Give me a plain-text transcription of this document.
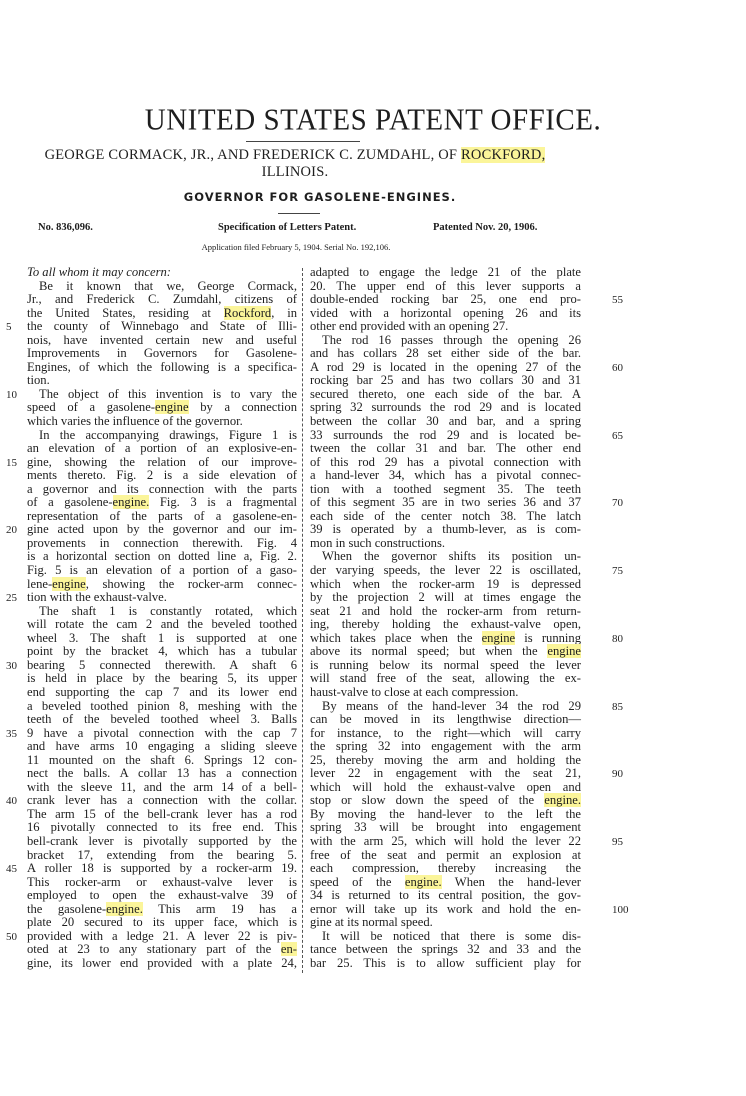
UNITED STATES PATENT OFFICE.
GEORGE CORMACK, JR., AND FREDERICK C. ZUMDAHL, OF ROCKFORD,
ILLINOIS.
GOVERNOR FOR GASOLENE-ENGINES.
No. 836,096.	Specification of Letters Patent.	Patented Nov. 20, 1906.
Application filed February 5, 1904. Serial No. 192,106.
To all whom it may concern:
Be it known that we, George Cormack,
Jr., and Frederick C. Zumdahl, citizens of
the United States, residing at Rockford, in
the county of Winnebago and State of Illi-
nois, have invented certain new and useful
Improvements in Governors for Gasolene-
Engines, of which the following is a specifica-
tion.
The object of this invention is to vary the
speed of a gasolene-engine by a connection
which varies the influence of the governor.
In the accompanying drawings, Figure 1 is
an elevation of a portion of an explosive-en-
gine, showing the relation of our improve-
ments thereto. Fig. 2 is a side elevation of
a governor and its connection with the parts
of a gasolene-engine. Fig. 3 is a fragmental
representation of the parts of a gasolene-en-
gine acted upon by the governor and our im-
provements in connection therewith. Fig. 4
is a horizontal section on dotted line a, Fig. 2.
Fig. 5 is an elevation of a portion of a gaso-
lene-engine, showing the rocker-arm connec-
tion with the exhaust-valve.
The shaft 1 is constantly rotated, which
will rotate the cam 2 and the beveled toothed
wheel 3. The shaft 1 is supported at one
point by the bracket 4, which has a tubular
bearing 5 connected therewith. A shaft 6
is held in place by the bearing 5, its upper
end supporting the cap 7 and its lower end
a beveled toothed pinion 8, meshing with the
teeth of the beveled toothed wheel 3. Balls
9 have a pivotal connection with the cap 7
and have arms 10 engaging a sliding sleeve
11 mounted on the shaft 6. Springs 12 con-
nect the balls. A collar 13 has a connection
with the sleeve 11, and the arm 14 of a bell-
crank lever has a connection with the collar.
The arm 15 of the bell-crank lever has a rod
16 pivotally connected to its free end. This
bell-crank lever is pivotally supported by the
bracket 17, extending from the bearing 5.
A roller 18 is supported by a rocker-arm 19.
This rocker-arm or exhaust-valve lever is
employed to open the exhaust-valve 39 of
the gasolene-engine. This arm 19 has a
plate 20 secured to its upper face, which is
provided with a ledge 21. A lever 22 is piv-
oted at 23 to any stationary part of the en-
gine, its lower end provided with a plate 24,
adapted to engage the ledge 21 of the plate
20. The upper end of this lever supports a
double-ended rocking bar 25, one end pro-
vided with a horizontal opening 26 and its
other end provided with an opening 27.
The rod 16 passes through the opening 26
and has collars 28 set either side of the bar.
A rod 29 is located in the opening 27 of the
rocking bar 25 and has two collars 30 and 31
secured thereto, one each side of the bar. A
spring 32 surrounds the rod 29 and is located
between the collar 30 and bar, and a spring
33 surrounds the rod 29 and is located be-
tween the collar 31 and bar. The other end
of this rod 29 has a pivotal connection with
a hand-lever 34, which has a pivotal connec-
tion with a toothed segment 35. The teeth
of this segment 35 are in two series 36 and 37
each side of the center notch 38. The latch
39 is operated by a thumb-lever, as is com-
mon in such constructions.
When the governor shifts its position un-
der varying speeds, the lever 22 is oscillated,
which when the rocker-arm 19 is depressed
by the projection 2 will at times engage the
seat 21 and hold the rocker-arm from return-
ing, thereby holding the exhaust-valve open,
which takes place when the engine is running
above its normal speed; but when the engine
is running below its normal speed the lever
will stand free of the seat, allowing the ex-
haust-valve to close at each compression.
By means of the hand-lever 34 the rod 29
can be moved in its lengthwise direction—
for instance, to the right—which will carry
the spring 32 into engagement with the arm
25, thereby moving the arm and holding the
lever 22 in engagement with the seat 21,
which will hold the exhaust-valve open and
stop or slow down the speed of the engine.
By moving the hand-lever to the left the
spring 33 will be brought into engagement
with the arm 25, which will hold the lever 22
free of the seat and permit an explosion at
each compression, thereby increasing the
speed of the engine. When the hand-lever
34 is returned to its central position, the gov-
ernor will take up its work and hold the en-
gine at its normal speed.
It will be noticed that there is some dis-
tance between the springs 32 and 33 and the
bar 25. This is to allow sufficient play for
5
10
15
20
25
30
35
40
45
50
55
60
65
70
75
80
85
90
95
100
